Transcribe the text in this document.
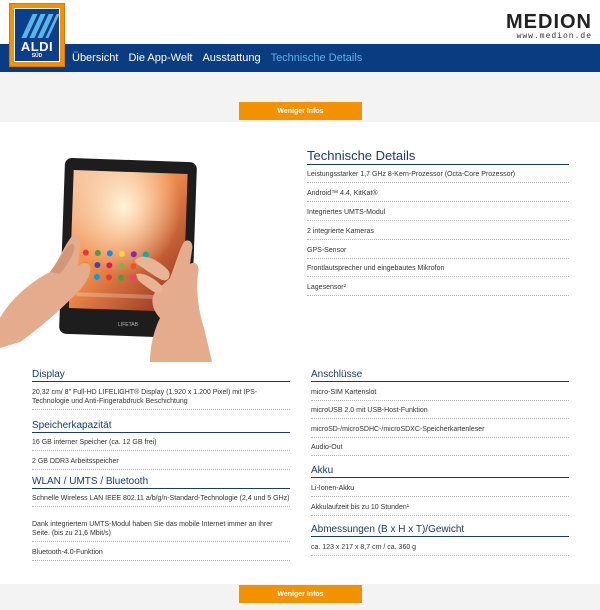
ALDI
SÜD
MEDION
www.medion.de
Übersicht Die App-Welt Ausstattung Technische Details
Weniger Infos
LIFETAB
Technische Details
Leistungsstarker 1,7 GHz 8-Kern-Prozessor (Octa-Core Prozessor)
Android™ 4.4, KitKat®
Integriertes UMTS-Modul
2 integrierte Kameras
GPS-Sensor
Frontlautsprecher und eingebautes Mikrofon
Lagesensor²
Display
20,32 cm/ 8" Full-HD LIFELIGHT® Display (1.920 x 1.200 Pixel) mit IPS-Technologie und Anti-Fingerabdruck Beschichtung
Speicherkapazität
16 GB interner Speicher (ca. 12 GB frei)
2 GB DDR3 Arbeitsspeicher
WLAN / UMTS / Bluetooth
Schnelle Wireless LAN IEEE 802.11 a/b/g/n-Standard-Technologie (2,4 und 5 GHz)
Dank integriertem UMTS-Modul haben Sie das mobile Internet immer an ihrer Seite. (bis zu 21,6 Mbit/s)
Bluetooth-4.0-Funktion
Anschlüsse
micro-SIM Kartenslot
microUSB 2.0 mit USB-Host-Funktion
microSD-/microSDHC-/microSDXC-Speicherkartenleser
Audio-Out
Akku
Li-Ionen-Akku
Akkulaufzeit bis zu 10 Stunden¹
Abmessungen (B x H x T)/Gewicht
ca. 123 x 217 x 8,7 cm / ca. 360 g
Weniger Infos
